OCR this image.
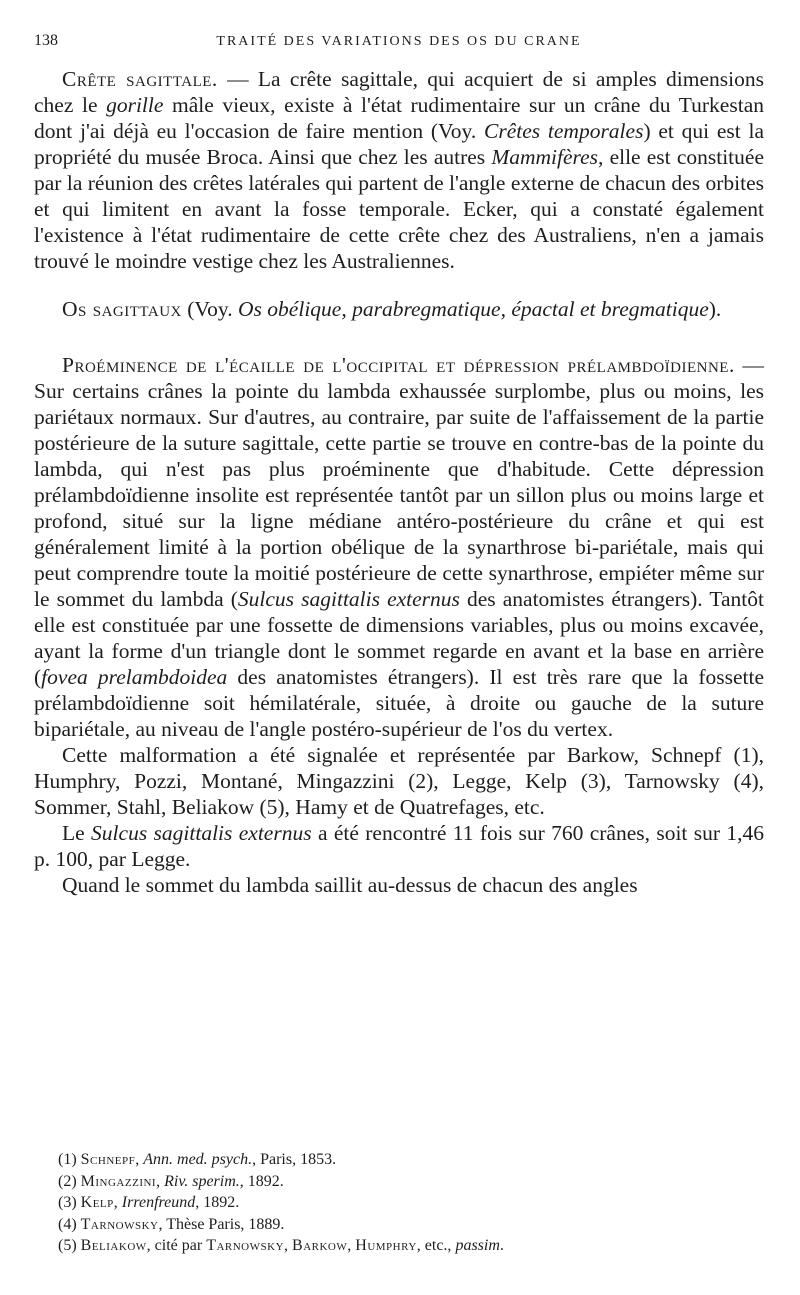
138	TRAITÉ DES VARIATIONS DES OS DU CRANE

Crête sagittale. — La crête sagittale, qui acquiert de si amples dimensions chez le gorille mâle vieux, existe à l'état rudimentaire sur un crâne du Turkestan dont j'ai déjà eu l'occasion de faire mention (Voy. Crêtes temporales) et qui est la propriété du musée Broca. Ainsi que chez les autres Mammifères, elle est constituée par la réunion des crêtes latérales qui partent de l'angle externe de chacun des orbites et qui limitent en avant la fosse temporale. Ecker, qui a constaté également l'existence à l'état rudimentaire de cette crête chez des Australiens, n'en a jamais trouvé le moindre vestige chez les Australiennes.

Os sagittaux (Voy. Os obélique, parabregmatique, épactal et bregmatique).

Proéminence de l'écaille de l'occipital et dépression prélambdoïdienne. — Sur certains crânes la pointe du lambda exhaussée surplombe, plus ou moins, les pariétaux normaux. Sur d'autres, au contraire, par suite de l'affaissement de la partie postérieure de la suture sagittale, cette partie se trouve en contre-bas de la pointe du lambda, qui n'est pas plus proéminente que d'habitude. Cette dépression prélambdoïdienne insolite est représentée tantôt par un sillon plus ou moins large et profond, situé sur la ligne médiane antéro-postérieure du crâne et qui est généralement limité à la portion obélique de la synarthrose bi-pariétale, mais qui peut comprendre toute la moitié postérieure de cette synarthrose, empiéter même sur le sommet du lambda (Sulcus sagittalis externus des anatomistes étrangers). Tantôt elle est constituée par une fossette de dimensions variables, plus ou moins excavée, ayant la forme d'un triangle dont le sommet regarde en avant et la base en arrière (fovea prelambdoidea des anatomistes étrangers). Il est très rare que la fossette prélambdoïdienne soit hémilatérale, située, à droite ou gauche de la suture bipariétale, au niveau de l'angle postéro-supérieur de l'os du vertex.

Cette malformation a été signalée et représentée par Barkow, Schnepf (1), Humphry, Pozzi, Montané, Mingazzini (2), Legge, Kelp (3), Tarnowsky (4), Sommer, Stahl, Beliakow (5), Hamy et de Quatrefages, etc.

Le Sulcus sagittalis externus a été rencontré 11 fois sur 760 crânes, soit sur 1,46 p. 100, par Legge.

Quand le sommet du lambda saillit au-dessus de chacun des angles

(1) Schnepf, Ann. med. psych., Paris, 1853.
(2) Mingazzini, Riv. sperim., 1892.
(3) Kelp, Irrenfreund, 1892.
(4) Tarnowsky, Thèse Paris, 1889.
(5) Beliakow, cité par Tarnowsky, Barkow, Humphry, etc., passim.
